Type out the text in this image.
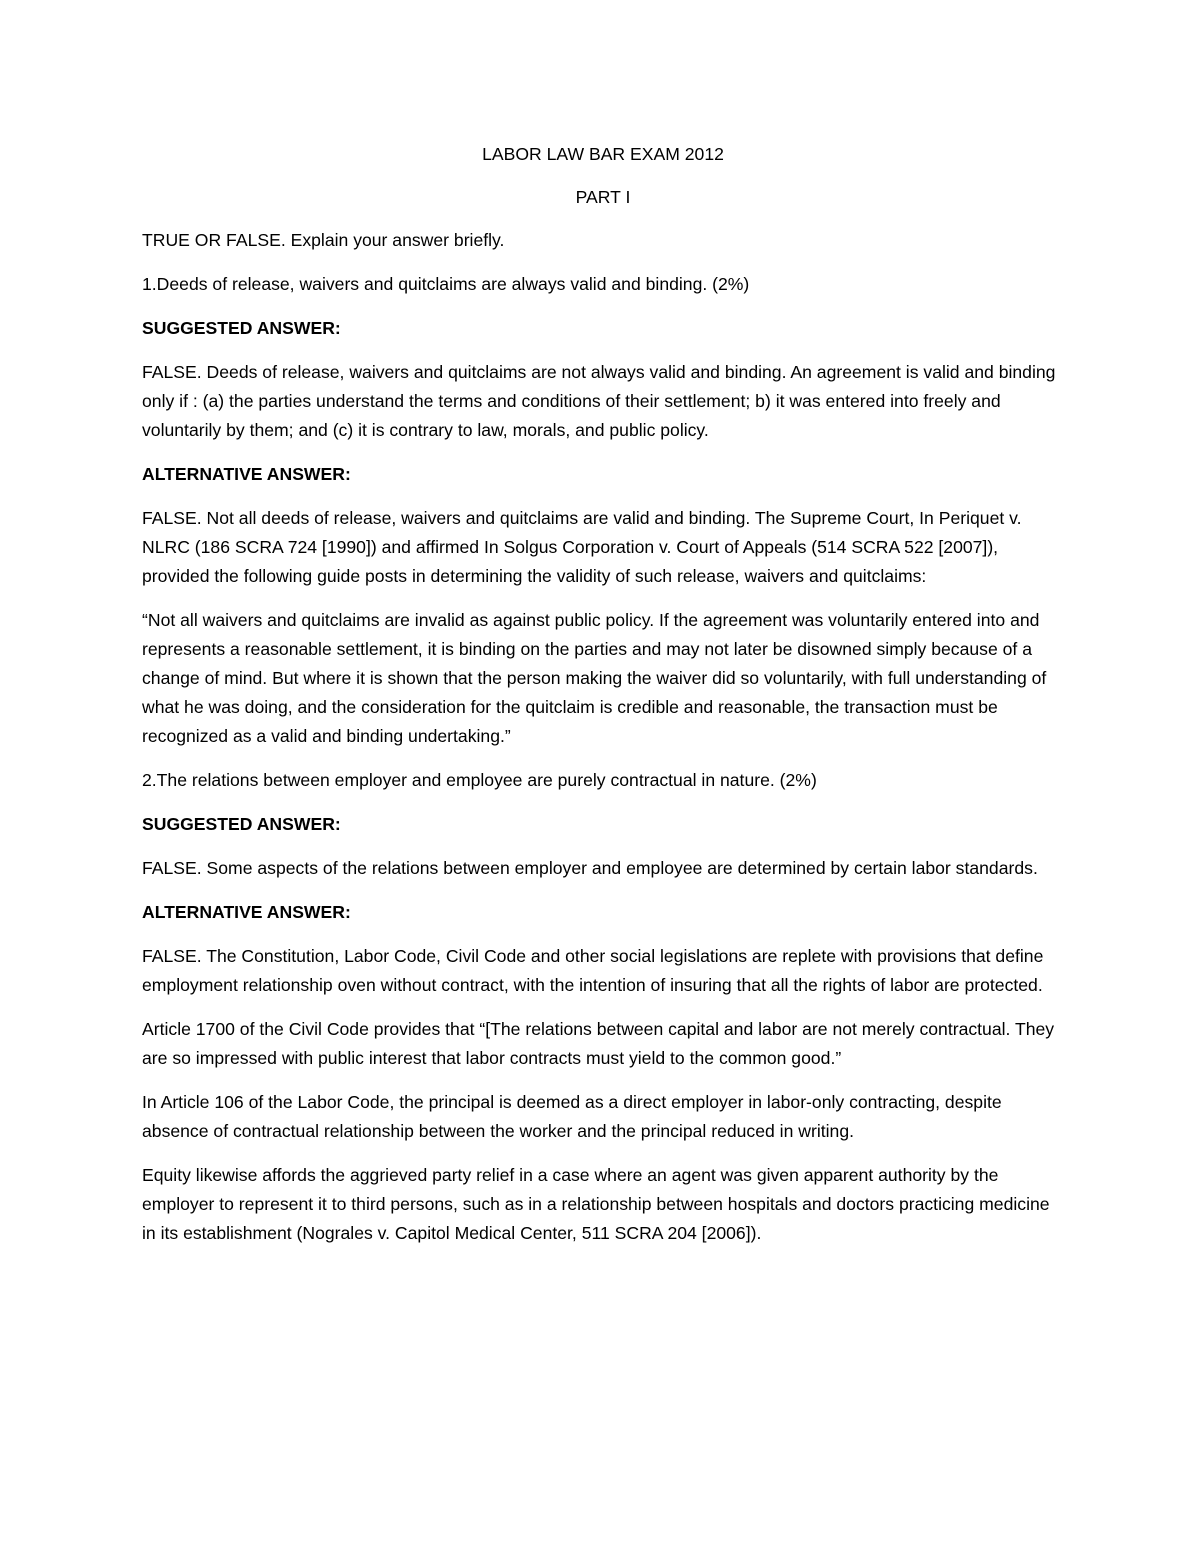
LABOR LAW BAR EXAM 2012

PART I

TRUE OR FALSE. Explain your answer briefly.

1.Deeds of release, waivers and quitclaims are always valid and binding. (2%)

SUGGESTED ANSWER:

FALSE. Deeds of release, waivers and quitclaims are not always valid and binding. An agreement is valid and binding only if : (a) the parties understand the terms and conditions of their settlement; b) it was entered into freely and voluntarily by them; and (c) it is contrary to law, morals, and public policy.

ALTERNATIVE ANSWER:

FALSE. Not all deeds of release, waivers and quitclaims are valid and binding. The Supreme Court, In Periquet v. NLRC (186 SCRA 724 [1990]) and affirmed In Solgus Corporation v. Court of Appeals (514 SCRA 522 [2007]), provided the following guide posts in determining the validity of such release, waivers and quitclaims:

“Not all waivers and quitclaims are invalid as against public policy. If the agreement was voluntarily entered into and represents a reasonable settlement, it is binding on the parties and may not later be disowned simply because of a change of mind. But where it is shown that the person making the waiver did so voluntarily, with full understanding of what he was doing, and the consideration for the quitclaim is credible and reasonable, the transaction must be recognized as a valid and binding undertaking.”

2.The relations between employer and employee are purely contractual in nature. (2%)

SUGGESTED ANSWER:

FALSE. Some aspects of the relations between employer and employee are determined by certain labor standards.

ALTERNATIVE ANSWER:

FALSE. The Constitution, Labor Code, Civil Code and other social legislations are replete with provisions that define employment relationship oven without contract, with the intention of insuring that all the rights of labor are protected.

Article 1700 of the Civil Code provides that “[The relations between capital and labor are not merely contractual. They are so impressed with public interest that labor contracts must yield to the common good.”

In Article 106 of the Labor Code, the principal is deemed as a direct employer in labor-only contracting, despite absence of contractual relationship between the worker and the principal reduced in writing.

Equity likewise affords the aggrieved party relief in a case where an agent was given apparent authority by the employer to represent it to third persons, such as in a relationship between hospitals and doctors practicing medicine in its establishment (Nograles v. Capitol Medical Center, 511 SCRA 204 [2006]).
